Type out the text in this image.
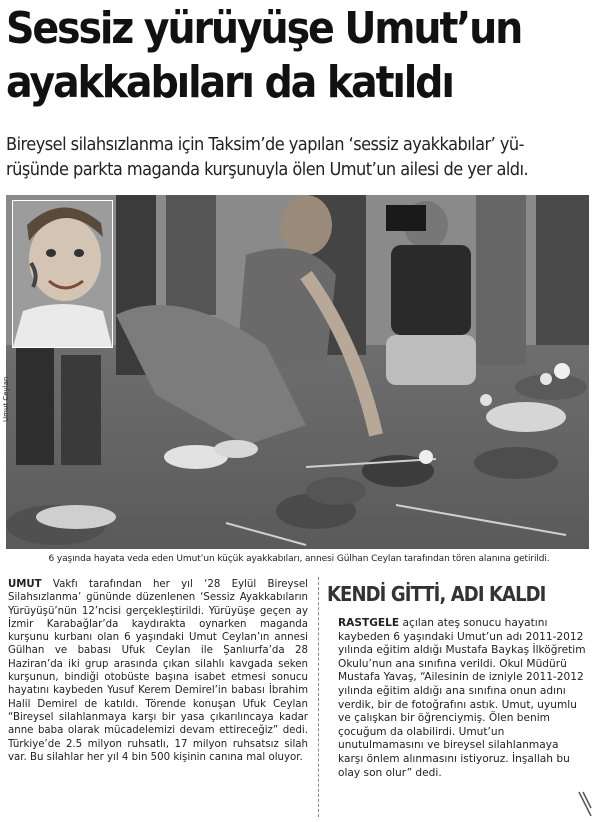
Sessiz yürüyüşe Umut’un
ayakkabıları da katıldı

Bireysel silahsızlanma için Taksim’de yapılan ‘sessiz ayakkabılar’ yü-
rüşünde parkta maganda kurşunuyla ölen Umut’un ailesi de yer aldı.

Umut Ceylan
6 yaşında hayata veda eden Umut’un küçük ayakkabıları, annesi Gülhan Ceylan tarafından tören alanına getirildi.

UMUT Vakfı tarafından her yıl ‘28 Eylül Bireysel Silahsızlanma’ gününde düzenlenen ‘Sessiz Ayakkabıların Yürüyüşü’nün 12’ncisi gerçekleştirildi. Yürüyüşe geçen ay İzmir Karabağlar’da kaydırakta oynarken maganda kurşunu kurbanı olan 6 yaşındaki Umut Ceylan’ın annesi Gülhan ve babası Ufuk Ceylan ile Şanlıurfa’da 28 Haziran’da iki grup arasında çıkan silahlı kavgada seken kurşunun, bindiği otobüste başına isabet etmesi sonucu hayatını kaybeden Yusuf Kerem Demirel’in babası İbrahim Halil Demirel de katıldı. Törende konuşan Ufuk Ceylan “Bireysel silahlanmaya karşı bir yasa çıkarılıncaya kadar anne baba olarak mücadelemizi devam ettireceğiz” dedi. Türkiye’de 2.5 milyon ruhsatlı, 17 milyon ruhsatsız silah var. Bu silahlar her yıl 4 bin 500 kişinin canına mal oluyor.

KENDİ GİTTİ, ADI KALDI

RASTGELE açılan ateş sonucu hayatını kaybeden 6 yaşındaki Umut’un adı 2011-2012 yılında eğitim aldığı Mustafa Baykaş İlköğretim Okulu’nun ana sınıfına verildi. Okul Müdürü Mustafa Yavaş, “Ailesinin de izniyle 2011-2012 yılında eğitim aldığı ana sınıfına onun adını verdik, bir de fotoğrafını astık. Umut, uyumlu ve çalışkan bir öğrenciymiş. Ölen benim çocuğum da olabilirdi. Umut’un unutulmamasını ve bireysel silahlanmaya karşı önlem alınmasını istiyoruz. İnşallah bu olay son olur” dedi.
